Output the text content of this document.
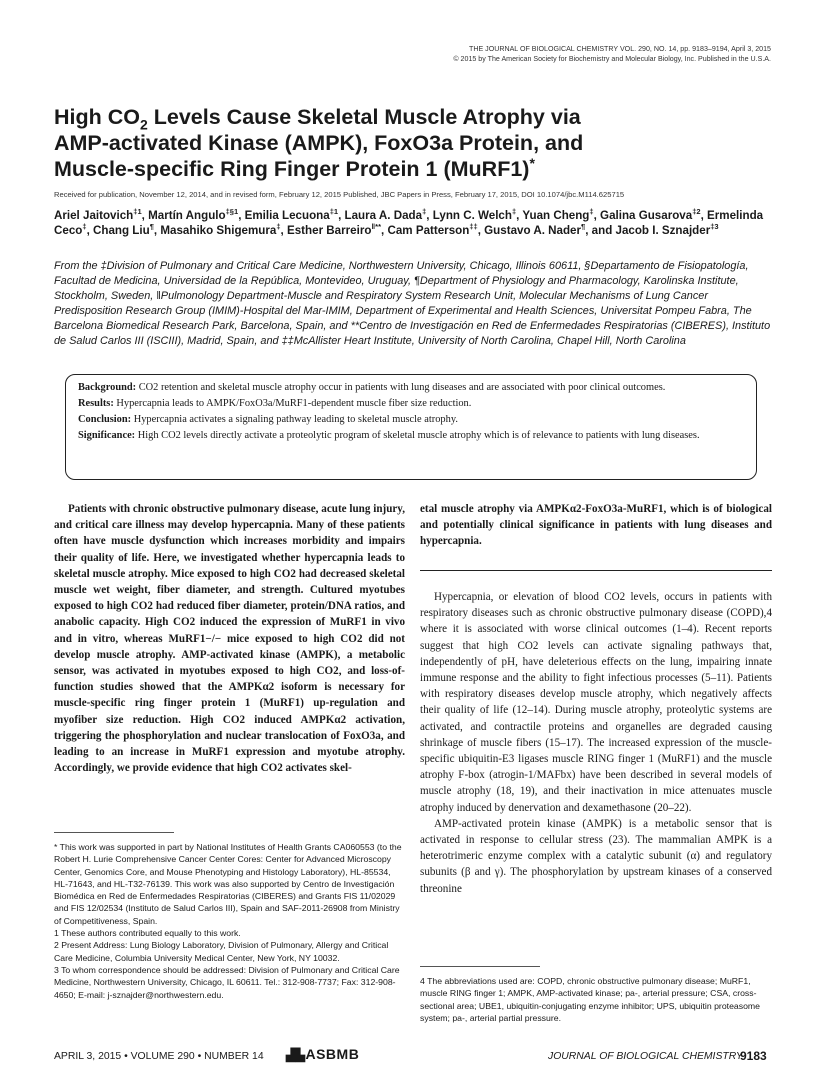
THE JOURNAL OF BIOLOGICAL CHEMISTRY VOL. 290, NO. 14, pp. 9183–9194, April 3, 2015
© 2015 by The American Society for Biochemistry and Molecular Biology, Inc. Published in the U.S.A.
High $CO_2$ Levels Cause Skeletal Muscle Atrophy via
AMP-activated Kinase (AMPK), FoxO3a Protein, and
Muscle-specific Ring Finger Protein 1 (MuRF1)*
Received for publication, November 12, 2014, and in revised form, February 12, 2015 Published, JBC Papers in Press, February 17, 2015, DOI 10.1074/jbc.M114.625715
Ariel Jaitovich$^{\ddagger 1}$, Martín Angulo$^{\ddagger\S 1}$, Emilia Lecuona$^{\ddagger 1}$, Laura A. Dada‡, Lynn C. Welch‡, Yuan Cheng‡, Galina Gusarova$^{\ddagger 2}$, Ermelinda Ceco‡, Chang Liu¶, Masahiko Shigemura‡, Esther Barreiro‖**, Cam Patterson‡‡, Gustavo A. Nader¶, and Jacob I. Sznajder$^{\ddagger 3}$
From the ‡Division of Pulmonary and Critical Care Medicine, Northwestern University, Chicago, Illinois 60611, §Departamento de Fisiopatología, Facultad de Medicina, Universidad de la República, Montevideo, Uruguay, ¶Department of Physiology and Pharmacology, Karolinska Institute, Stockholm, Sweden, ‖Pulmonology Department-Muscle and Respiratory System Research Unit, Molecular Mechanisms of Lung Cancer Predisposition Research Group (IMIM)-Hospital del Mar-IMIM, Department of Experimental and Health Sciences, Universitat Pompeu Fabra, The Barcelona Biomedical Research Park, Barcelona, Spain, and **Centro de Investigación en Red de Enfermedades Respiratorias (CIBERES), Instituto de Salud Carlos III (ISCIII), Madrid, Spain, and ‡‡McAllister Heart Institute, University of North Carolina, Chapel Hill, North Carolina

Background: CO2 retention and skeletal muscle atrophy occur in patients with lung diseases and are associated with poor clinical outcomes.

Results: Hypercapnia leads to AMPK/FoxO3a/MuRF1-dependent muscle fiber size reduction.

Conclusion: Hypercapnia activates a signaling pathway leading to skeletal muscle atrophy.

Significance: High CO2 levels directly activate a proteolytic program of skeletal muscle atrophy which is of relevance to patients with lung diseases.

Patients with chronic obstructive pulmonary disease, acute lung injury, and critical care illness may develop hypercapnia. Many of these patients often have muscle dysfunction which increases morbidity and impairs their quality of life. Here, we investigated whether hypercapnia leads to skeletal muscle atrophy. Mice exposed to high CO2 had decreased skeletal muscle wet weight, fiber diameter, and strength. Cultured myotubes exposed to high CO2 had reduced fiber diameter, protein/DNA ratios, and anabolic capacity. High CO2 induced the expression of MuRF1 in vivo and in vitro, whereas MuRF1−/− mice exposed to high CO2 did not develop muscle atrophy. AMP-activated kinase (AMPK), a metabolic sensor, was activated in myotubes exposed to high CO2, and loss-of-function studies showed that the AMPKα2 isoform is necessary for muscle-specific ring finger protein 1 (MuRF1) up-regulation and myofiber size reduction. High CO2 induced AMPKα2 activation, triggering the phosphorylation and nuclear translocation of FoxO3a, and leading to an increase in MuRF1 expression and myotube atrophy. Accordingly, we provide evidence that high CO2 activates skel-

etal muscle atrophy via AMPKα2-FoxO3a-MuRF1, which is of biological and potentially clinical significance in patients with lung diseases and hypercapnia.

Hypercapnia, or elevation of blood CO2 levels, occurs in patients with respiratory diseases such as chronic obstructive pulmonary disease (COPD),4 where it is associated with worse clinical outcomes (1–4). Recent reports suggest that high CO2 levels can activate signaling pathways that, independently of pH, have deleterious effects on the lung, impairing innate immune response and the ability to fight infectious processes (5–11). Patients with respiratory diseases develop muscle atrophy, which negatively affects their quality of life (12–14). During muscle atrophy, proteolytic systems are activated, and contractile proteins and organelles are degraded causing shrinkage of muscle fibers (15–17). The increased expression of the muscle-specific ubiquitin-E3 ligases muscle RING finger 1 (MuRF1) and the muscle atrophy F-box (atrogin-1/MAFbx) have been described in several models of muscle atrophy (18, 19), and their inactivation in mice attenuates muscle atrophy induced by denervation and dexamethasone (20–22).

AMP-activated protein kinase (AMPK) is a metabolic sensor that is activated in response to cellular stress (23). The mammalian AMPK is a heterotrimeric enzyme complex with a catalytic subunit (α) and regulatory subunits (β and γ). The phosphorylation by upstream kinases of a conserved threonine

* This work was supported in part by National Institutes of Health Grants CA060553 (to the Robert H. Lurie Comprehensive Cancer Center Cores: Center for Advanced Microscopy Center, Genomics Core, and Mouse Phenotyping and Histology Laboratory), HL-85534, HL-71643, and HL-T32-76139. This work was also supported by Centro de Investigación Biomédica en Red de Enfermedades Respiratorias (CIBERES) and Grants FIS 11/02029 and FIS 12/02534 (Instituto de Salud Carlos III), Spain and SAF-2011-26908 from Ministry of Competitiveness, Spain.

1 These authors contributed equally to this work.

2 Present Address: Lung Biology Laboratory, Division of Pulmonary, Allergy and Critical Care Medicine, Columbia University Medical Center, New York, NY 10032.

3 To whom correspondence should be addressed: Division of Pulmonary and Critical Care Medicine, Northwestern University, Chicago, IL 60611. Tel.: 312-908-7737; Fax: 312-908-4650; E-mail: j-sznajder@northwestern.edu.

4 The abbreviations used are: COPD, chronic obstructive pulmonary disease; MuRF1, muscle RING finger 1; AMPK, AMP-activated kinase; pa-, arterial pressure; CSA, cross-sectional area; UBE1, ubiquitin-conjugating enzyme inhibitor; UPS, ubiquitin proteasome system; pa-, arterial partial pressure.

APRIL 3, 2015 • VOLUME 290 • NUMBER 14 ▟▙ASBMB	JOURNAL OF BIOLOGICAL CHEMISTRY
9183
